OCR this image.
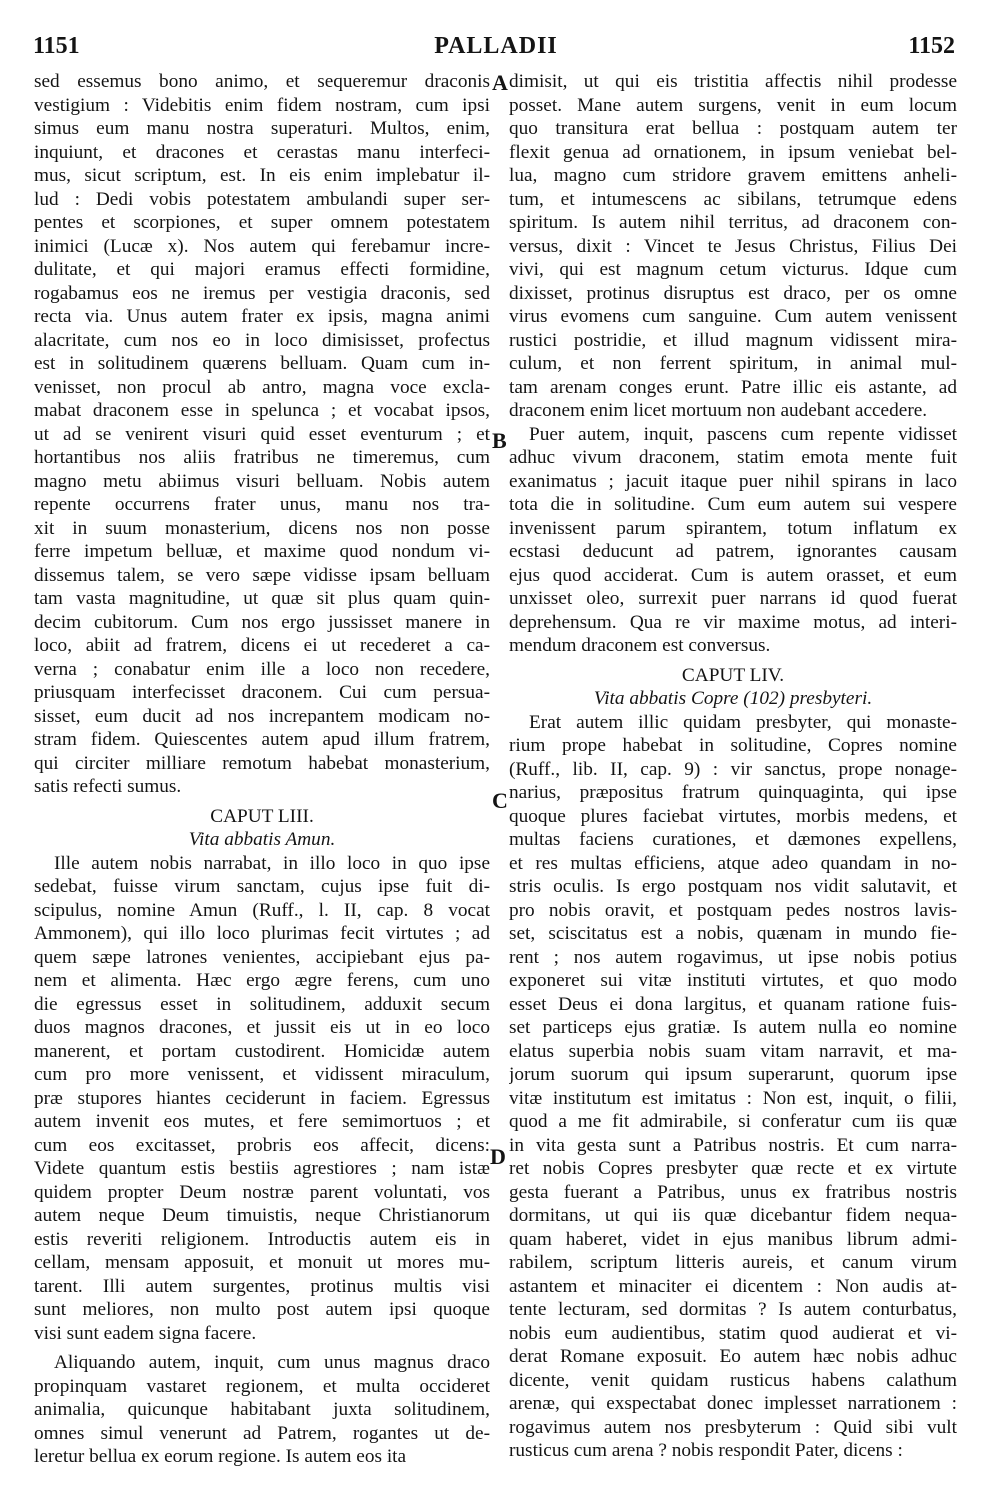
1151	PALLADII	1152
A
B
C
D

sed essemus bono animo, et sequeremur draconis

vestigium : Videbitis enim fidem nostram, cum ipsi

simus eum manu nostra superaturi. Multos, enim,

inquiunt, et dracones et cerastas manu interfeci-

mus, sicut scriptum, est. In eis enim implebatur il-

lud : Dedi vobis potestatem ambulandi super ser-

pentes et scorpiones, et super omnem potestatem

inimici (Lucæ x). Nos autem qui ferebamur incre-

dulitate, et qui majori eramus effecti formidine,

rogabamus eos ne iremus per vestigia draconis, sed

recta via. Unus autem frater ex ipsis, magna animi

alacritate, cum nos eo in loco dimisisset, profectus

est in solitudinem quærens belluam. Quam cum in-

venisset, non procul ab antro, magna voce excla-

mabat draconem esse in spelunca ; et vocabat ipsos,

ut ad se venirent visuri quid esset eventurum ; et

hortantibus nos aliis fratribus ne timeremus, cum

magno metu abiimus visuri belluam. Nobis autem

repente occurrens frater unus, manu nos tra-

xit in suum monasterium, dicens nos non posse

ferre impetum belluæ, et maxime quod nondum vi-

dissemus talem, se vero sæpe vidisse ipsam belluam

tam vasta magnitudine, ut quæ sit plus quam quin-

decim cubitorum. Cum nos ergo jussisset manere in

loco, abiit ad fratrem, dicens ei ut recederet a ca-

verna ; conabatur enim ille a loco non recedere,

priusquam interfecisset draconem. Cui cum persua-

sisset, eum ducit ad nos increpantem modicam no-

stram fidem. Quiescentes autem apud illum fratrem,

qui circiter milliare remotum habebat monasterium,

satis refecti sumus.

CAPUT LIII.

Vita abbatis Amun.

Ille autem nobis narrabat, in illo loco in quo ipse

sedebat, fuisse virum sanctam, cujus ipse fuit di-

scipulus, nomine Amun (Ruff., l. II, cap. 8 vocat

Ammonem), qui illo loco plurimas fecit virtutes ; ad

quem sæpe latrones venientes, accipiebant ejus pa-

nem et alimenta. Hæc ergo ægre ferens, cum uno

die egressus esset in solitudinem, adduxit secum

duos magnos dracones, et jussit eis ut in eo loco

manerent, et portam custodirent. Homicidæ autem

cum pro more venissent, et vidissent miraculum,

præ stupores hiantes ceciderunt in faciem. Egressus

autem invenit eos mutes, et fere semimortuos ; et

cum eos excitasset, probris eos affecit, dicens:

Videte quantum estis bestiis agrestiores ; nam istæ

quidem propter Deum nostræ parent voluntati, vos

autem neque Deum timuistis, neque Christianorum

estis reveriti religionem. Introductis autem eis in

cellam, mensam apposuit, et monuit ut mores mu-

tarent. Illi autem surgentes, protinus multis visi

sunt meliores, non multo post autem ipsi quoque

visi sunt eadem signa facere.

Aliquando autem, inquit, cum unus magnus draco

propinquam vastaret regionem, et multa occideret

animalia, quicunque habitabant juxta solitudinem,

omnes simul venerunt ad Patrem, rogantes ut de-

leretur bellua ex eorum regione. Is autem eos ita

dimisit, ut qui eis tristitia affectis nihil prodesse

posset. Mane autem surgens, venit in eum locum

quo transitura erat bellua : postquam autem ter

flexit genua ad ornationem, in ipsum veniebat bel-

lua, magno cum stridore gravem emittens anheli-

tum, et intumescens ac sibilans, tetrumque edens

spiritum. Is autem nihil territus, ad draconem con-

versus, dixit : Vincet te Jesus Christus, Filius Dei

vivi, qui est magnum cetum victurus. Idque cum

dixisset, protinus disruptus est draco, per os omne

virus evomens cum sanguine. Cum autem venissent

rustici postridie, et illud magnum vidissent mira-

culum, et non ferrent spiritum, in animal mul-

tam arenam conges erunt. Patre illic eis astante, ad

draconem enim licet mortuum non audebant accedere.

Puer autem, inquit, pascens cum repente vidisset

adhuc vivum draconem, statim emota mente fuit

exanimatus ; jacuit itaque puer nihil spirans in laco

tota die in solitudine. Cum eum autem sui vespere

invenissent parum spirantem, totum inflatum ex

ecstasi deducunt ad patrem, ignorantes causam

ejus quod acciderat. Cum is autem orasset, et eum

unxisset oleo, surrexit puer narrans id quod fuerat

deprehensum. Qua re vir maxime motus, ad interi-

mendum draconem est conversus.

CAPUT LIV.

Vita abbatis Copre (102) presbyteri.

Erat autem illic quidam presbyter, qui monaste-

rium prope habebat in solitudine, Copres nomine

(Ruff., lib. II, cap. 9) : vir sanctus, prope nonage-

narius, præpositus fratrum quinquaginta, qui ipse

quoque plures faciebat virtutes, morbis medens, et

multas faciens curationes, et dæmones expellens,

et res multas efficiens, atque adeo quandam in no-

stris oculis. Is ergo postquam nos vidit salutavit, et

pro nobis oravit, et postquam pedes nostros lavis-

set, sciscitatus est a nobis, quænam in mundo fie-

rent ; nos autem rogavimus, ut ipse nobis potius

exponeret sui vitæ instituti virtutes, et quo modo

esset Deus ei dona largitus, et quanam ratione fuis-

set particeps ejus gratiæ. Is autem nulla eo nomine

elatus superbia nobis suam vitam narravit, et ma-

jorum suorum qui ipsum superarunt, quorum ipse

vitæ institutum est imitatus : Non est, inquit, o filii,

quod a me fit admirabile, si conferatur cum iis quæ

in vita gesta sunt a Patribus nostris. Et cum narra-

ret nobis Copres presbyter quæ recte et ex virtute

gesta fuerant a Patribus, unus ex fratribus nostris

dormitans, ut qui iis quæ dicebantur fidem nequa-

quam haberet, videt in ejus manibus librum admi-

rabilem, scriptum litteris aureis, et canum virum

astantem et minaciter ei dicentem : Non audis at-

tente lecturam, sed dormitas ? Is autem conturbatus,

nobis eum audientibus, statim quod audierat et vi-

derat Romane exposuit. Eo autem hæc nobis adhuc

dicente, venit quidam rusticus habens calathum

arenæ, qui exspectabat donec implesset narrationem :

rogavimus autem nos presbyterum : Quid sibi vult

rusticus cum arena ? nobis respondit Pater, dicens :
